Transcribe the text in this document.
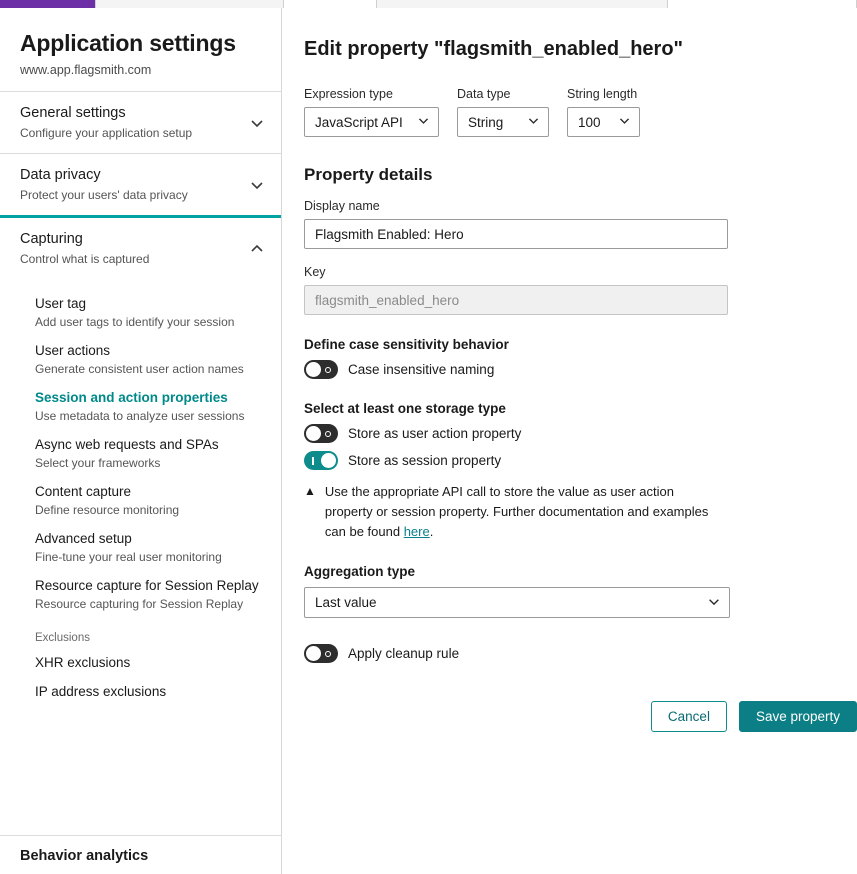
Application settings
www.app.flagsmith.com
General settings
Configure your application setup
Data privacy
Protect your users' data privacy
Capturing
Control what is captured
User tag
Add user tags to identify your session
User actions
Generate consistent user action names
Session and action properties
Use metadata to analyze user sessions
Async web requests and SPAs
Select your frameworks
Content capture
Define resource monitoring
Advanced setup
Fine-tune your real user monitoring
Resource capture for Session Replay
Resource capturing for Session Replay
Exclusions
XHR exclusions
IP address exclusions
Behavior analytics
Edit property "flagsmith_enabled_hero"
Expression type
JavaScript API
Data type
String
String length
100
Property details
Display name
Flagsmith Enabled: Hero
Key
flagsmith_enabled_hero
Define case sensitivity behavior
Case insensitive naming
Select at least one storage type
Store as user action property
Store as session property
▲ Use the appropriate API call to store the value as user action property or session property. Further documentation and examples can be found here.
Aggregation type
Last value
Apply cleanup rule
Cancel	Save property
